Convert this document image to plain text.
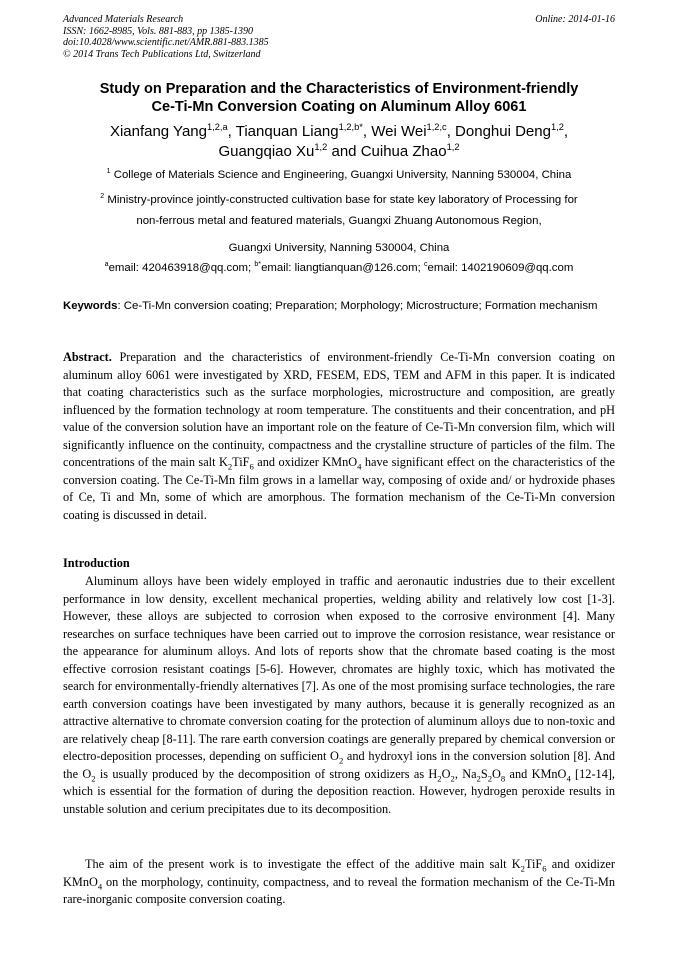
Advanced Materials Research
ISSN: 1662-8985, Vols. 881-883, pp 1385-1390
doi:10.4028/www.scientific.net/AMR.881-883.1385
© 2014 Trans Tech Publications Ltd, Switzerland
Online: 2014-01-16
Study on Preparation and the Characteristics of Environment-friendly
Ce-Ti-Mn Conversion Coating on Aluminum Alloy 6061
Xianfang Yang$^{1,2,a}$, Tianquan Liang$^{1,2,b*}$, Wei Wei$^{1,2,c}$, Donghui Deng$^{1,2}$,
Guangqiao Xu$^{1,2}$ and Cuihua Zhao$^{1,2}$
$^1$ College of Materials Science and Engineering, Guangxi University, Nanning 530004, China
$^2$ Ministry-province jointly-constructed cultivation base for state key laboratory of Processing for
non-ferrous metal and featured materials, Guangxi Zhuang Autonomous Region,
Guangxi University, Nanning 530004, China
$^a$email: 420463918@qq.com; $^{b*}$email: liangtianquan@126.com; $^c$email: 1402190609@qq.com
Keywords: Ce-Ti-Mn conversion coating; Preparation; Morphology; Microstructure; Formation mechanism
Abstract. Preparation and the characteristics of environment-friendly Ce-Ti-Mn conversion coating on aluminum alloy 6061 were investigated by XRD, FESEM, EDS, TEM and AFM in this paper. It is indicated that coating characteristics such as the surface morphologies, microstructure and composition, are greatly influenced by the formation technology at room temperature. The constituents and their concentration, and pH value of the conversion solution have an important role on the feature of Ce-Ti-Mn conversion film, which will significantly influence on the continuity, compactness and the crystalline structure of particles of the film. The concentrations of the main salt $K_2TiF_6$ and oxidizer KMnO$_4$ have significant effect on the characteristics of the conversion coating. The Ce-Ti-Mn film grows in a lamellar way, composing of oxide and/ or hydroxide phases of Ce, Ti and Mn, some of which are amorphous. The formation mechanism of the Ce-Ti-Mn conversion coating is discussed in detail.
Introduction
Aluminum alloys have been widely employed in traffic and aeronautic industries due to their excellent performance in low density, excellent mechanical properties, welding ability and relatively low cost [1-3]. However, these alloys are subjected to corrosion when exposed to the corrosive environment [4]. Many researches on surface techniques have been carried out to improve the corrosion resistance, wear resistance or the appearance for aluminum alloys. And lots of reports show that the chromate based coating is the most effective corrosion resistant coatings [5-6]. However, chromates are highly toxic, which has motivated the search for environmentally-friendly alternatives [7]. As one of the most promising surface technologies, the rare earth conversion coatings have been investigated by many authors, because it is generally recognized as an attractive alternative to chromate conversion coating for the protection of aluminum alloys due to non-toxic and are relatively cheap [8-11]. The rare earth conversion coatings are generally prepared by chemical conversion or electro-deposition processes, depending on sufficient $O_2$ and hydroxyl ions in the conversion solution [8]. And the $O_2$ is usually produced by the decomposition of strong oxidizers as $H_2O_2$, $Na_2S_2O_8$ and KMnO$_4$ [12-14], which is essential for the formation of during the deposition reaction. However, hydrogen peroxide results in unstable solution and cerium precipitates due to its decomposition.
The aim of the present work is to investigate the effect of the additive main salt $K_2TiF_6$ and oxidizer KMnO$_4$ on the morphology, continuity, compactness, and to reveal the formation mechanism of the Ce-Ti-Mn rare-inorganic composite conversion coating.
